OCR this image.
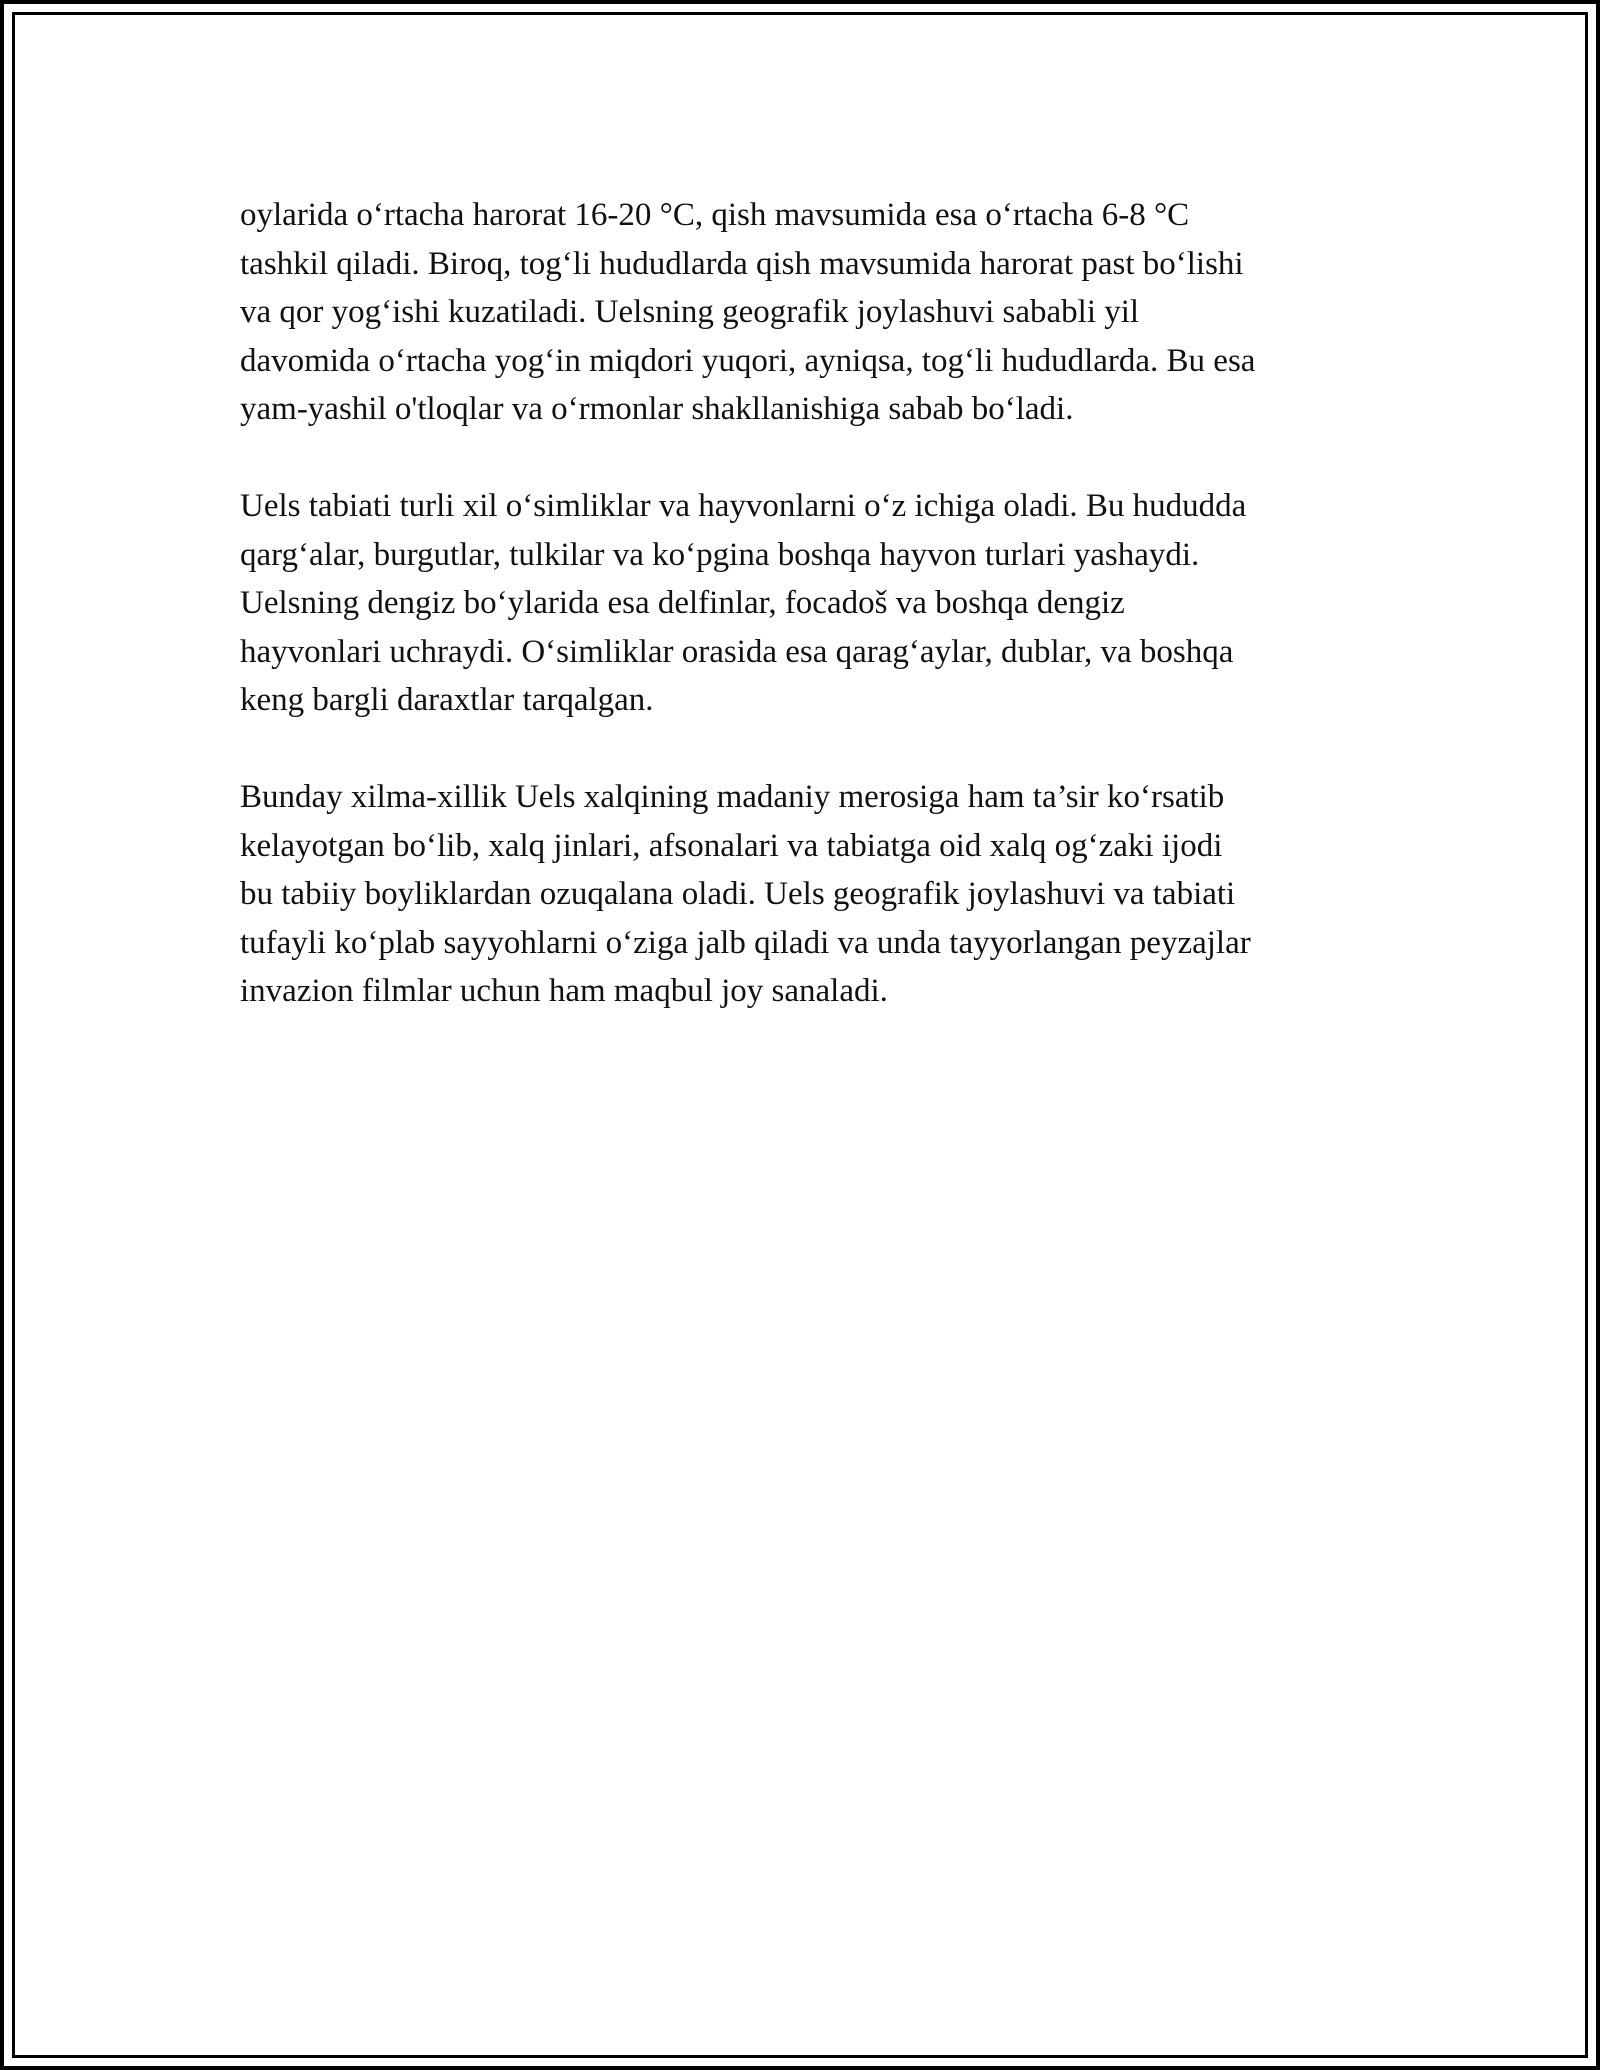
oylarida o‘rtacha harorat 16-20 °C, qish mavsumida esa o‘rtacha 6-8 °C
tashkil qiladi. Biroq, tog‘li hududlarda qish mavsumida harorat past bo‘lishi
va qor yog‘ishi kuzatiladi. Uelsning geografik joylashuvi sababli yil
davomida o‘rtacha yog‘in miqdori yuqori, ayniqsa, tog‘li hududlarda. Bu esa
yam-yashil o'tloqlar va o‘rmonlar shakllanishiga sabab bo‘ladi.

Uels tabiati turli xil o‘simliklar va hayvonlarni o‘z ichiga oladi. Bu hududda
qarg‘alar, burgutlar, tulkilar va ko‘pgina boshqa hayvon turlari yashaydi.
Uelsning dengiz bo‘ylarida esa delfinlar, focadoš va boshqa dengiz
hayvonlari uchraydi. O‘simliklar orasida esa qarag‘aylar, dublar, va boshqa
keng bargli daraxtlar tarqalgan.

Bunday xilma-xillik Uels xalqining madaniy merosiga ham ta’sir ko‘rsatib
kelayotgan bo‘lib, xalq jinlari, afsonalari va tabiatga oid xalq og‘zaki ijodi
bu tabiiy boyliklardan ozuqalana oladi. Uels geografik joylashuvi va tabiati
tufayli ko‘plab sayyohlarni o‘ziga jalb qiladi va unda tayyorlangan peyzajlar
invazion filmlar uchun ham maqbul joy sanaladi.
